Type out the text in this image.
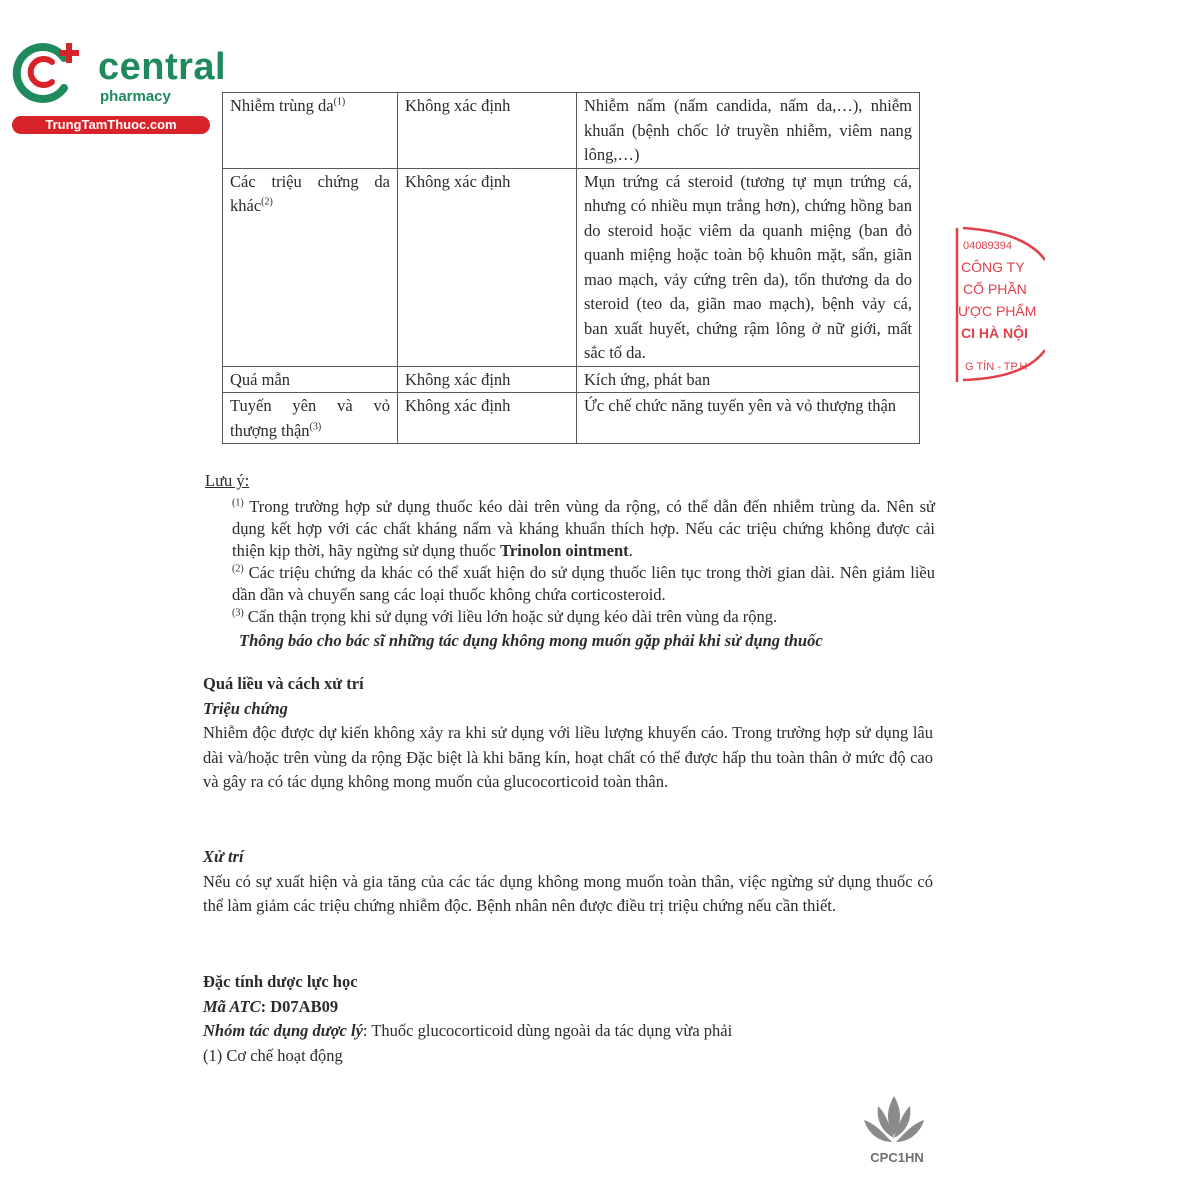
central
pharmacy
TrungTamThuoc.com
Nhiễm trùng $da^{(1)}$	Không xác định	Nhiễm nấm (nấm candida, nấm da,…), nhiễm khuẩn (bệnh chốc lở truyền nhiễm, viêm nang lông,…)
Các triệu chứng da khác$^{(2)}$	Không xác định	Mụn trứng cá steroid (tương tự mụn trứng cá, nhưng có nhiều mụn trắng hơn), chứng hồng ban do steroid hoặc viêm da quanh miệng (ban đỏ quanh miệng hoặc toàn bộ khuôn mặt, sẩn, giãn mao mạch, vảy cứng trên da), tổn thương da do steroid (teo da, giãn mao mạch), bệnh vảy cá, ban xuất huyết, chứng rậm lông ở nữ giới, mất sắc tố da.
Quá mẫn	Không xác định	Kích ứng, phát ban
Tuyến yên và vỏ thượng thận$^{(3)}$	Không xác định	Ức chế chức năng tuyến yên và vỏ thượng thận
Lưu ý:

$^{(1)}$ Trong trường hợp sử dụng thuốc kéo dài trên vùng da rộng, có thể dẫn đến nhiễm trùng da. Nên sử dụng kết hợp với các chất kháng nấm và kháng khuẩn thích hợp. Nếu các triệu chứng không được cải thiện kịp thời, hãy ngừng sử dụng thuốc Trinolon ointment.

$^{(2)}$ Các triệu chứng da khác có thể xuất hiện do sử dụng thuốc liên tục trong thời gian dài. Nên giảm liều dần dần và chuyển sang các loại thuốc không chứa corticosteroid.

$^{(3)}$ Cẩn thận trọng khi sử dụng với liều lớn hoặc sử dụng kéo dài trên vùng da rộng.

Thông báo cho bác sĩ những tác dụng không mong muốn gặp phải khi sử dụng thuốc
Quá liều và cách xử trí
Triệu chứng

Nhiễm độc được dự kiến không xảy ra khi sử dụng với liều lượng khuyến cáo. Trong trường hợp sử dụng lâu dài và/hoặc trên vùng da rộng Đặc biệt là khi băng kín, hoạt chất có thể được hấp thu toàn thân ở mức độ cao và gây ra có tác dụng không mong muốn của glucocorticoid toàn thân.

Xử trí

Nếu có sự xuất hiện và gia tăng của các tác dụng không mong muốn toàn thân, việc ngừng sử dụng thuốc có thể làm giảm các triệu chứng nhiễm độc. Bệnh nhân nên được điều trị triệu chứng nếu cần thiết.

Đặc tính dược lực học
Mã ATC: D07AB09
Nhóm tác dụng dược lý: Thuốc glucocorticoid dùng ngoài da tác dụng vừa phải
(1) Cơ chế hoạt động
04089394
CÔNG TY
CỔ PHẦN
ƯỢC PHẨM
CI HÀ NỘI
G TÍN - TP.H
CPC1HN
